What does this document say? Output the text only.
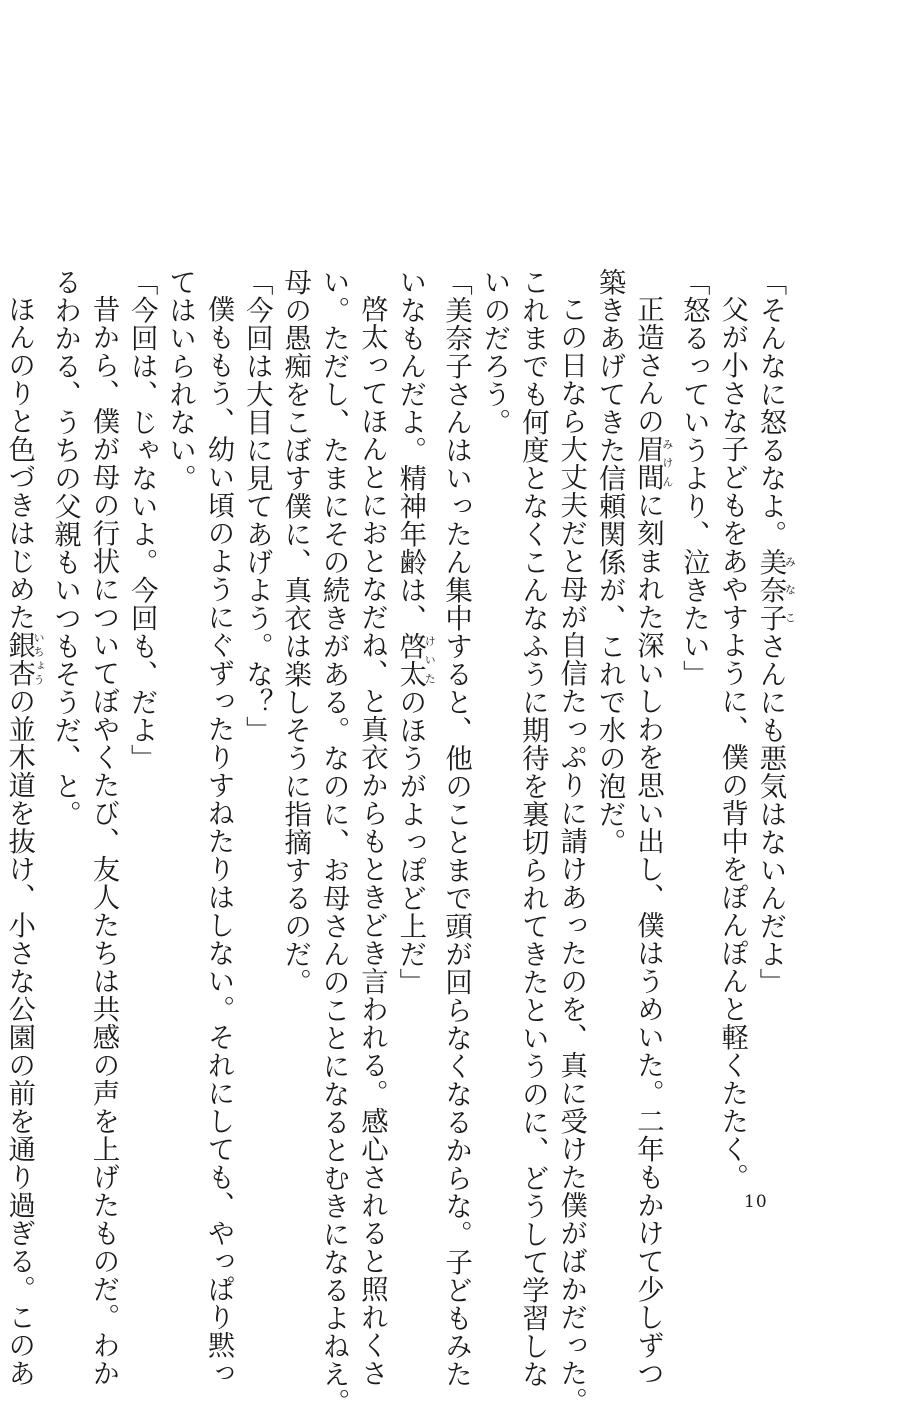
「そんなに怒るなよ。美奈子みなこさんにも悪気はないんだよ」
父が小さな子どもをあやすように、僕の背中をぽんぽんと軽くたたく。
「怒るっていうより、泣きたい」
正造さんの眉間みけんに刻まれた深いしわを思い出し、僕はうめいた。二年もかけて少しずつ
築きあげてきた信頼関係が、これで水の泡だ。
この日なら大丈夫だと母が自信たっぷりに請けあったのを、真に受けた僕がばかだった。
これまでも何度となくこんなふうに期待を裏切られてきたというのに、どうして学習しな
いのだろう。
「美奈子さんはいったん集中すると、他のことまで頭が回らなくなるからな。子どもみた
いなもんだよ。精神年齢は、啓太けいたのほうがよっぽど上だ」
啓太ってほんとにおとなだね、と真衣からもときどき言われる。感心されると照れくさ
い。ただし、たまにその続きがある。なのに、お母さんのことになるとむきになるよねえ。
母の愚痴をこぼす僕に、真衣は楽しそうに指摘するのだ。
「今回は大目に見てあげよう。な？」
僕ももう、幼い頃のようにぐずったりすねたりはしない。それにしても、やっぱり黙っ
てはいられない。
「今回は、じゃないよ。今回も、だよ」
昔から、僕が母の行状についてぼやくたび、友人たちは共感の声を上げたものだ。わか
るわかる、うちの父親もいつもそうだ、と。
ほんのりと色づきはじめた銀杏いちょうの並木道を抜け、小さな公園の前を通り過ぎる。このあ	10
